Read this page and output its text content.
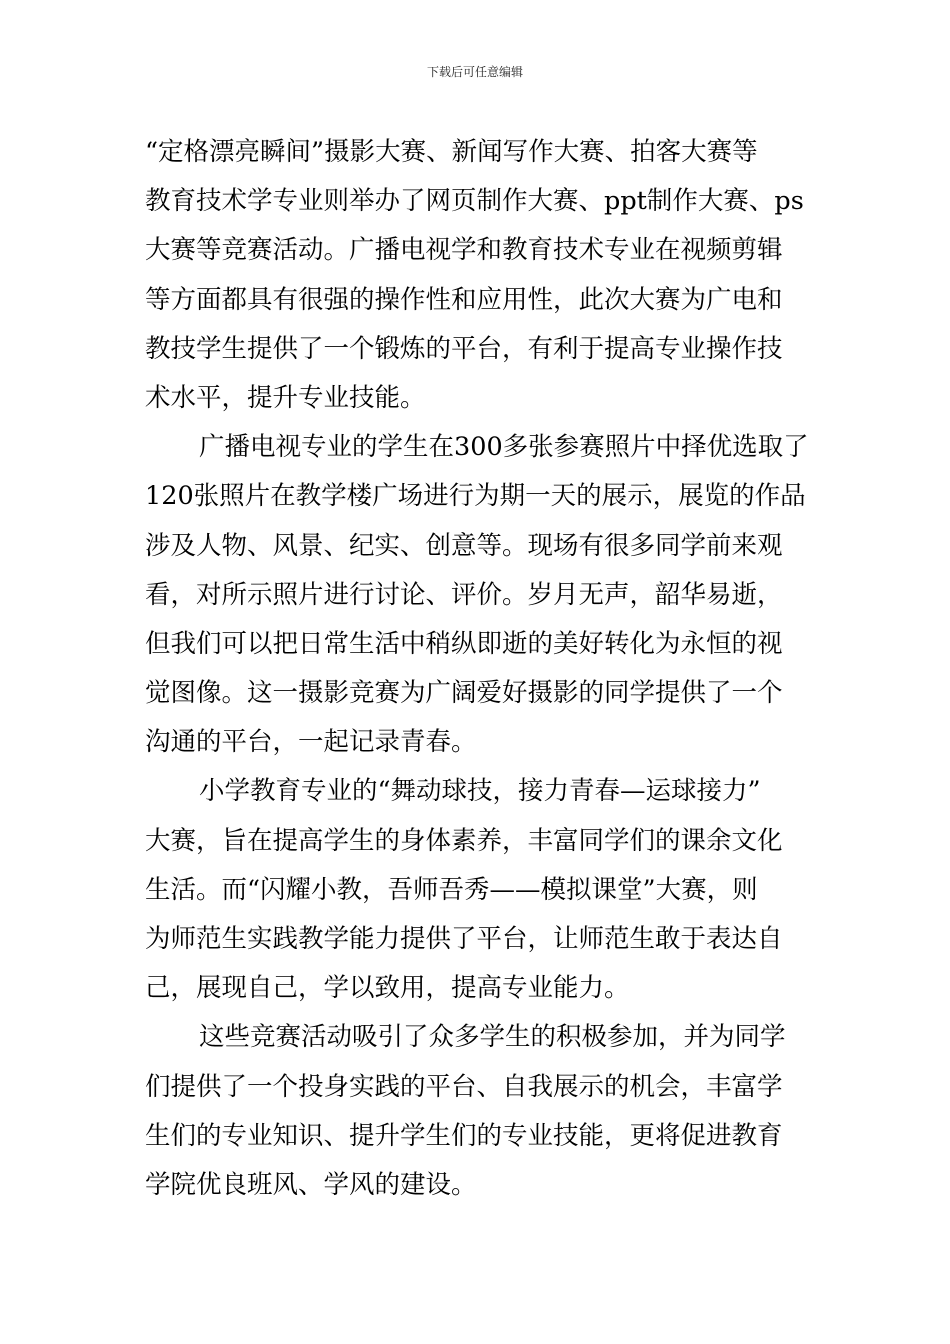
下载后可任意编辑

“定格漂亮瞬间”摄影大赛、新闻写作大赛、拍客大赛等
教育技术学专业则举办了网页制作大赛、ppt制作大赛、ps
大赛等竞赛活动。广播电视学和教育技术专业在视频剪辑
等方面都具有很强的操作性和应用性，此次大赛为广电和
教技学生提供了一个锻炼的平台，有利于提高专业操作技
术水平，提升专业技能。

广播电视专业的学生在300多张参赛照片中择优选取了
120张照片在教学楼广场进行为期一天的展示，展览的作品
涉及人物、风景、纪实、创意等。现场有很多同学前来观
看，对所示照片进行讨论、评价。岁月无声，韶华易逝，
但我们可以把日常生活中稍纵即逝的美好转化为永恒的视
觉图像。这一摄影竞赛为广阔爱好摄影的同学提供了一个
沟通的平台，一起记录青春。

小学教育专业的“舞动球技，接力青春—运球接力”
大赛，旨在提高学生的身体素养，丰富同学们的课余文化
生活。而“闪耀小教，吾师吾秀——模拟课堂”大赛，则
为师范生实践教学能力提供了平台，让师范生敢于表达自
己，展现自己，学以致用，提高专业能力。

这些竞赛活动吸引了众多学生的积极参加，并为同学
们提供了一个投身实践的平台、自我展示的机会，丰富学
生们的专业知识、提升学生们的专业技能，更将促进教育
学院优良班风、学风的建设。
